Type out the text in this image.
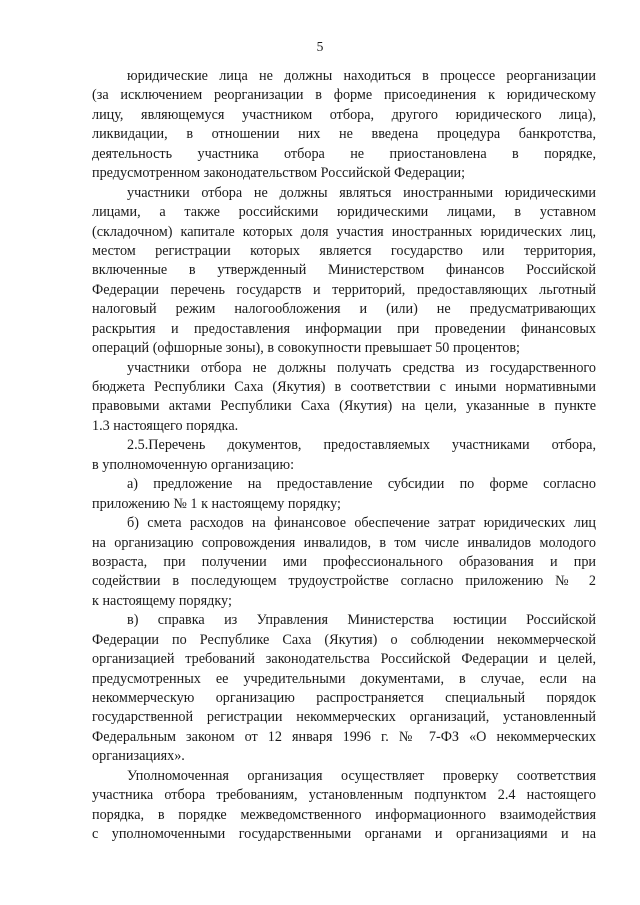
5
юридические лица не должны находиться в процессе реорганизации
(за исключением реорганизации в форме присоединения к юридическому
лицу, являющемуся участником отбора, другого юридического лица),
ликвидации, в отношении них не введена процедура банкротства,
деятельность участника отбора не приостановлена в порядке,
предусмотренном законодательством Российской Федерации;
участники отбора не должны являться иностранными юридическими
лицами, а также российскими юридическими лицами, в уставном
(складочном) капитале которых доля участия иностранных юридических лиц,
местом регистрации которых является государство или территория,
включенные в утвержденный Министерством финансов Российской
Федерации перечень государств и территорий, предоставляющих льготный
налоговый режим налогообложения и (или) не предусматривающих
раскрытия и предоставления информации при проведении финансовых
операций (офшорные зоны), в совокупности превышает 50 процентов;
участники отбора не должны получать средства из государственного
бюджета Республики Саха (Якутия) в соответствии с иными нормативными
правовыми актами Республики Саха (Якутия) на цели, указанные в пункте
1.3 настоящего порядка.
2.5.Перечень документов, предоставляемых участниками отбора,
в уполномоченную организацию:
а) предложение на предоставление субсидии по форме согласно
приложению № 1 к настоящему порядку;
б) смета расходов на финансовое обеспечение затрат юридических лиц
на организацию сопровождения инвалидов, в том числе инвалидов молодого
возраста, при получении ими профессионального образования и при
содействии в последующем трудоустройстве согласно приложению № 2
к настоящему порядку;
в) справка из Управления Министерства юстиции Российской
Федерации по Республике Саха (Якутия) о соблюдении некоммерческой
организацией требований законодательства Российской Федерации и целей,
предусмотренных ее учредительными документами, в случае, если на
некоммерческую организацию распространяется специальный порядок
государственной регистрации некоммерческих организаций, установленный
Федеральным законом от 12 января 1996 г. № 7-ФЗ «О некоммерческих
организациях».
Уполномоченная организация осуществляет проверку соответствия
участника отбора требованиям, установленным подпунктом 2.4 настоящего
порядка, в порядке межведомственного информационного взаимодействия
с уполномоченными государственными органами и организациями и на
